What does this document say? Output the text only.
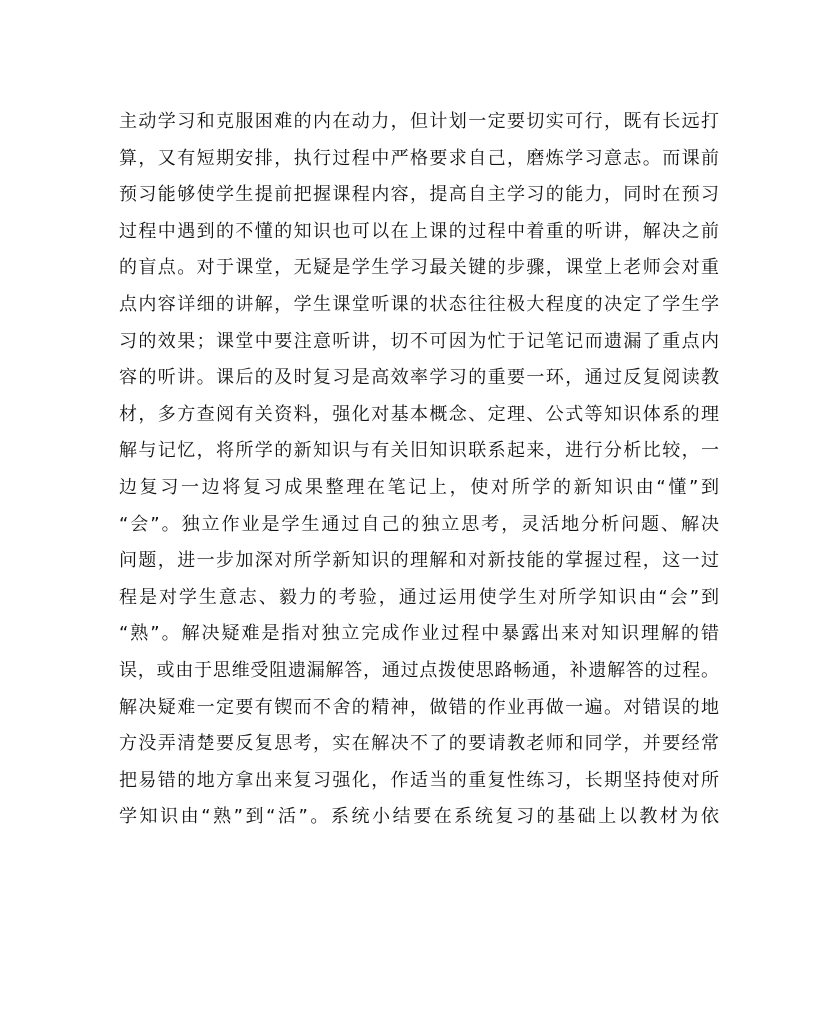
主动学习和克服困难的内在动力，但计划一定要切实可行，既有长远打
算，又有短期安排，执行过程中严格要求自己，磨炼学习意志。而课前
预习能够使学生提前把握课程内容，提高自主学习的能力，同时在预习
过程中遇到的不懂的知识也可以在上课的过程中着重的听讲，解决之前
的盲点。对于课堂，无疑是学生学习最关键的步骤，课堂上老师会对重
点内容详细的讲解，学生课堂听课的状态往往极大程度的决定了学生学
习的效果；课堂中要注意听讲，切不可因为忙于记笔记而遗漏了重点内
容的听讲。课后的及时复习是高效率学习的重要一环，通过反复阅读教
材，多方查阅有关资料，强化对基本概念、定理、公式等知识体系的理
解与记忆，将所学的新知识与有关旧知识联系起来，进行分析比较，一
边复习一边将复习成果整理在笔记上，使对所学的新知识由“懂”到
“会”。独立作业是学生通过自己的独立思考，灵活地分析问题、解决
问题，进一步加深对所学新知识的理解和对新技能的掌握过程，这一过
程是对学生意志、毅力的考验，通过运用使学生对所学知识由“会”到
“熟”。解决疑难是指对独立完成作业过程中暴露出来对知识理解的错
误，或由于思维受阻遗漏解答，通过点拨使思路畅通，补遗解答的过程。
解决疑难一定要有锲而不舍的精神，做错的作业再做一遍。对错误的地
方没弄清楚要反复思考，实在解决不了的要请教老师和同学，并要经常
把易错的地方拿出来复习强化，作适当的重复性练习，长期坚持使对所
学知识由“熟”到“活”。系统小结要在系统复习的基础上以教材为依
